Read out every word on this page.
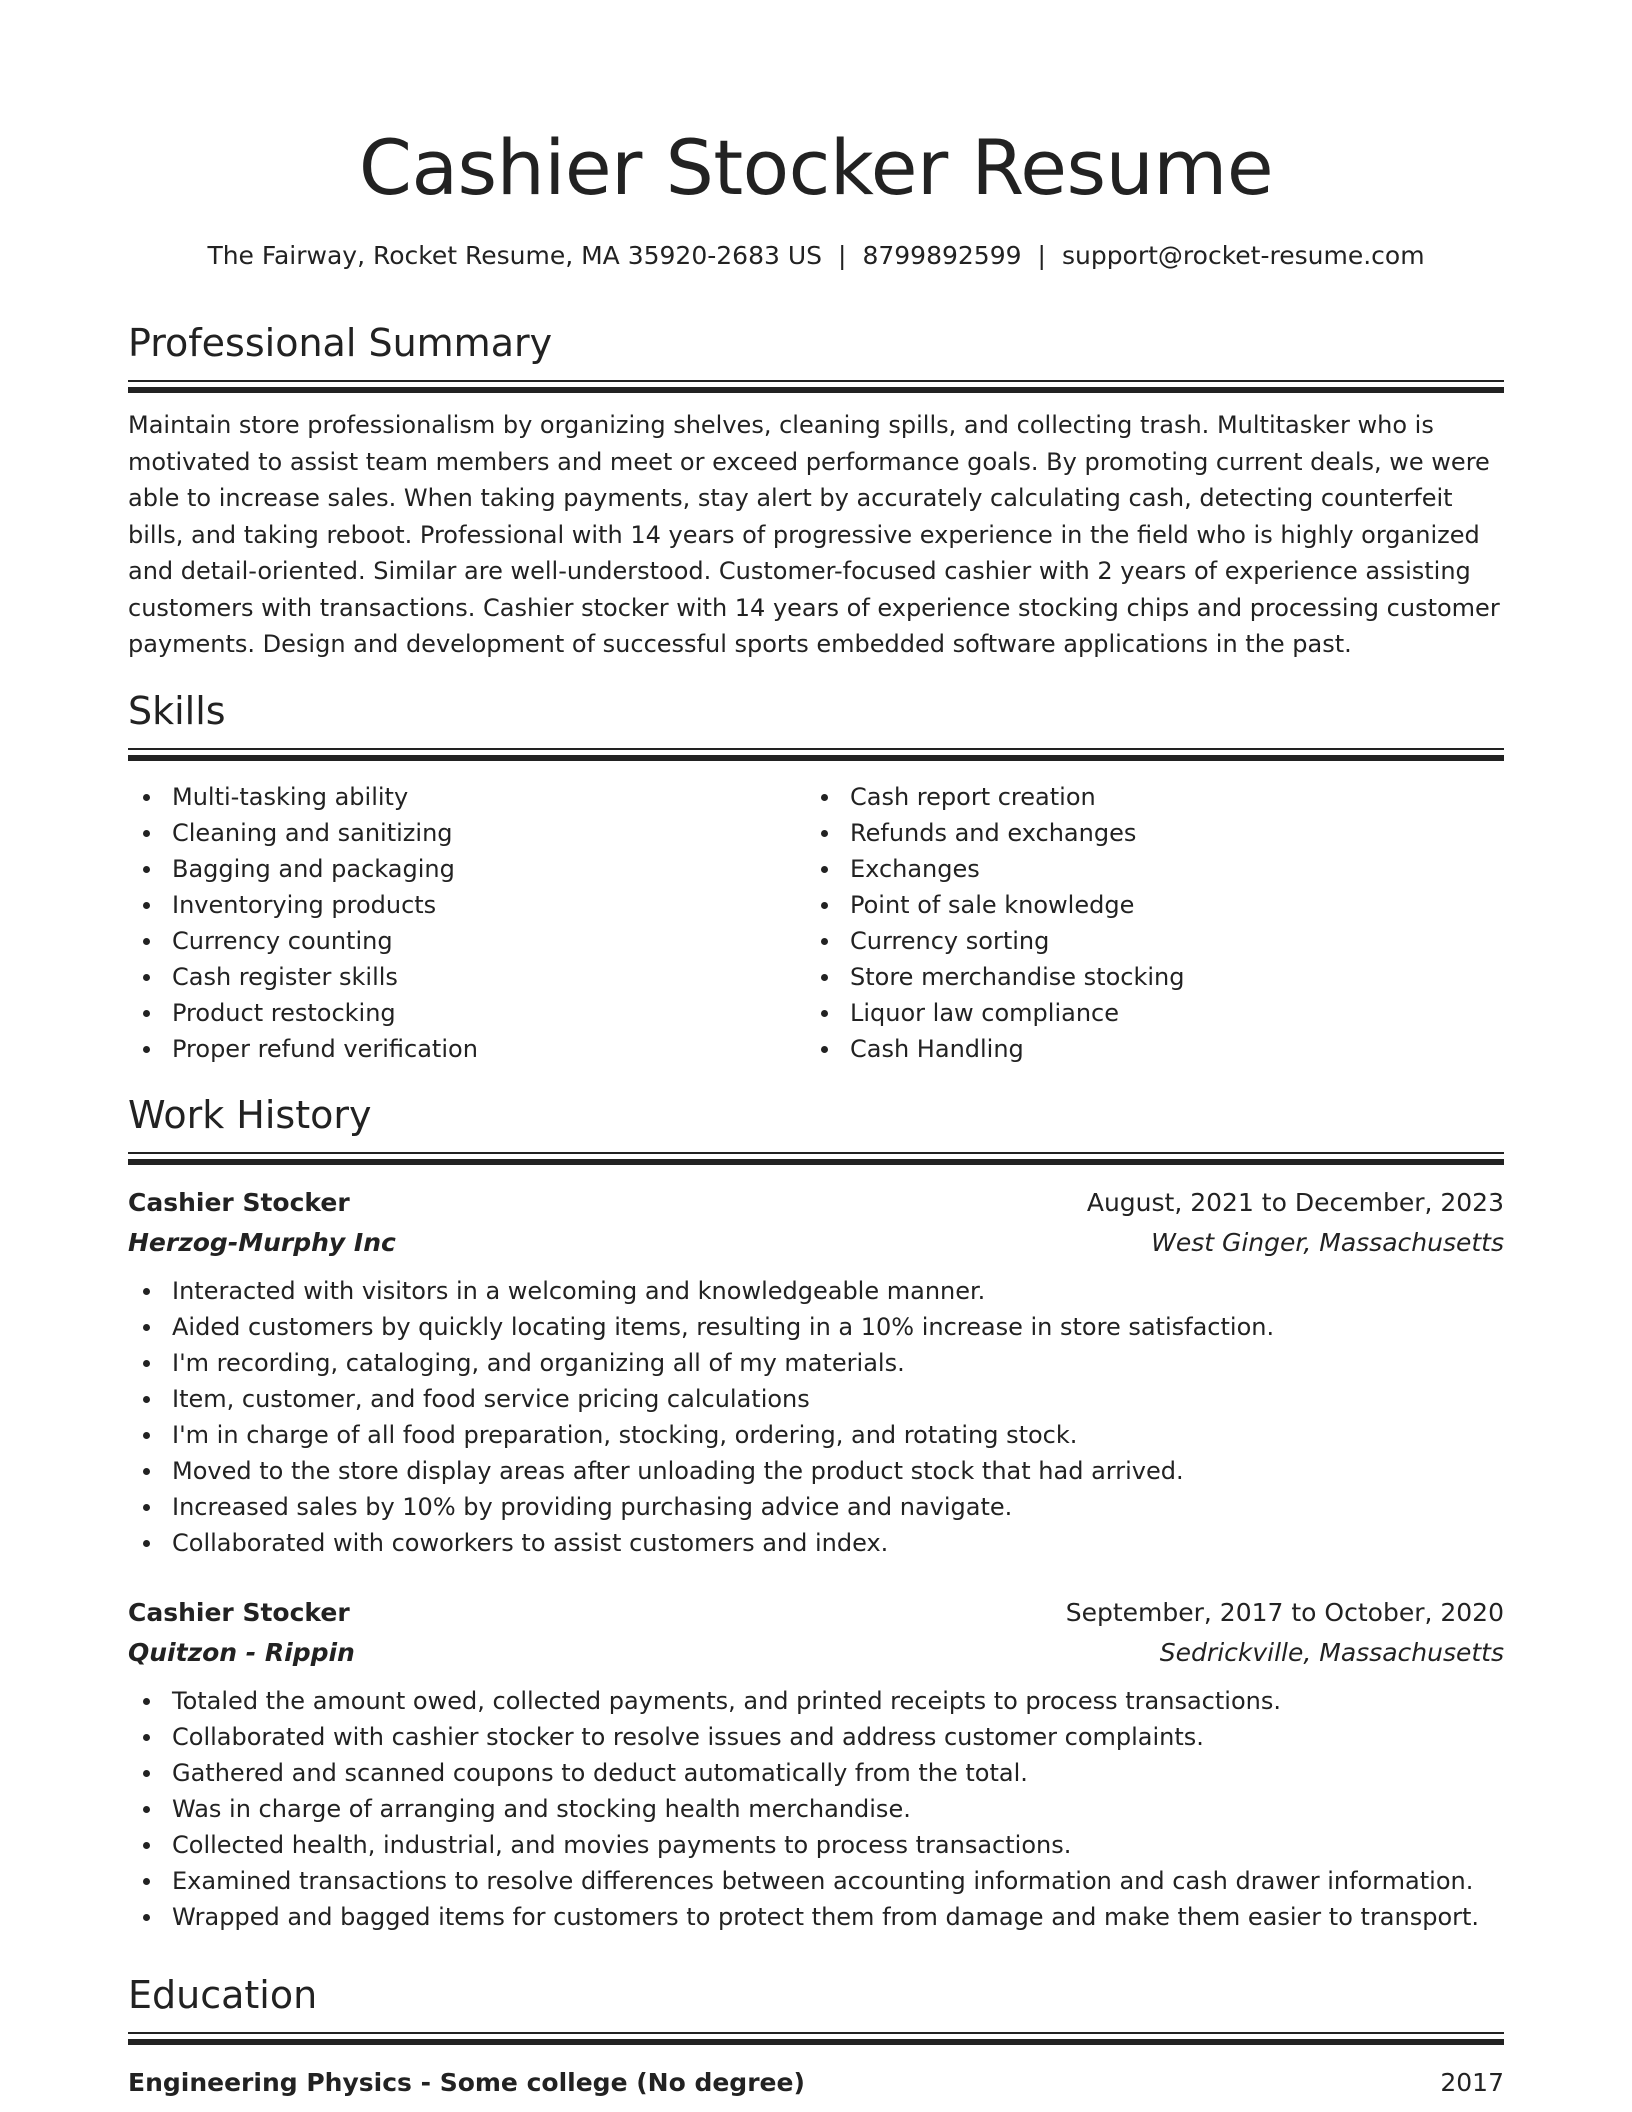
Cashier Stocker Resume
The Fairway, Rocket Resume, MA 35920-2683 US | 8799892599 | support@rocket-resume.com
Professional Summary

Maintain store professionalism by organizing shelves, cleaning spills, and collecting trash. Multitasker who is motivated to assist team members and meet or exceed performance goals. By promoting current deals, we were able to increase sales. When taking payments, stay alert by accurately calculating cash, detecting counterfeit bills, and taking reboot. Professional with 14 years of progressive experience in the field who is highly organized and detail-oriented. Similar are well-understood. Customer-focused cashier with 2 years of experience assisting customers with transactions. Cashier stocker with 14 years of experience stocking chips and processing customer payments. Design and development of successful sports embedded software applications in the past.

Skills
Multi-tasking ability
Cleaning and sanitizing
Bagging and packaging
Inventorying products
Currency counting
Cash register skills
Product restocking
Proper refund verification
Cash report creation
Refunds and exchanges
Exchanges
Point of sale knowledge
Currency sorting
Store merchandise stocking
Liquor law compliance
Cash Handling
Work History
Cashier Stocker	August, 2021 to December, 2023
Herzog-Murphy Inc	West Ginger, Massachusetts
Interacted with visitors in a welcoming and knowledgeable manner.
Aided customers by quickly locating items, resulting in a 10% increase in store satisfaction.
I'm recording, cataloging, and organizing all of my materials.
Item, customer, and food service pricing calculations
I'm in charge of all food preparation, stocking, ordering, and rotating stock.
Moved to the store display areas after unloading the product stock that had arrived.
Increased sales by 10% by providing purchasing advice and navigate.
Collaborated with coworkers to assist customers and index.
Cashier Stocker	September, 2017 to October, 2020
Quitzon - Rippin	Sedrickville, Massachusetts
Totaled the amount owed, collected payments, and printed receipts to process transactions.
Collaborated with cashier stocker to resolve issues and address customer complaints.
Gathered and scanned coupons to deduct automatically from the total.
Was in charge of arranging and stocking health merchandise.
Collected health, industrial, and movies payments to process transactions.
Examined transactions to resolve differences between accounting information and cash drawer information.
Wrapped and bagged items for customers to protect them from damage and make them easier to transport.
Education
Engineering Physics - Some college (No degree)	2017
